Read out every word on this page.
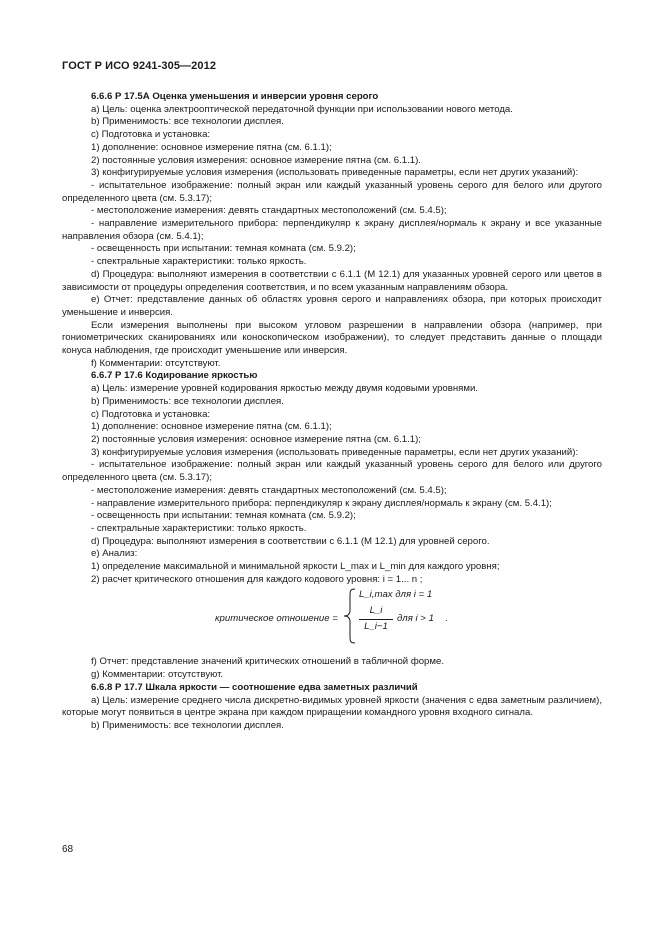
ГОСТ Р ИСО 9241-305—2012

6.6.6 Р 17.5А Оценка уменьшения и инверсии уровня серого

a) Цель: оценка электрооптической передаточной функции при использовании нового метода.

b) Применимость: все технологии дисплея.

c) Подготовка и установка:

1) дополнение: основное измерение пятна (см. 6.1.1);

2) постоянные условия измерения: основное измерение пятна (см. 6.1.1).

3) конфигурируемые условия измерения (использовать приведенные параметры, если нет других указаний):

- испытательное изображение: полный экран или каждый указанный уровень серого для белого или другого определенного цвета (см. 5.3.17);

- местоположение измерения: девять стандартных местоположений (см. 5.4.5);

- направление измерительного прибора: перпендикуляр к экрану дисплея/нормаль к экрану и все указанные направления обзора (см. 5.4.1);

- освещенность при испытании: темная комната (см. 5.9.2);

- спектральные характеристики: только яркость.

d) Процедура: выполняют измерения в соответствии с 6.1.1 (М 12.1) для указанных уровней серого или цветов в зависимости от процедуры определения соответствия, и по всем указанным направлениям обзора.

e) Отчет: представление данных об областях уровня серого и направлениях обзора, при которых происходит уменьшение и инверсия.

Если измерения выполнены при высоком угловом разрешении в направлении обзора (например, при гониометрических сканированиях или коноскопическом изображении), то следует представить данные о площади конуса наблюдения, где происходит уменьшение или инверсия.

f) Комментарии: отсутствуют.

6.6.7 Р 17.6 Кодирование яркостью

a) Цель: измерение уровней кодирования яркостью между двумя кодовыми уровнями.

b) Применимость: все технологии дисплея.

c) Подготовка и установка:

1) дополнение: основное измерение пятна (см. 6.1.1);

2) постоянные условия измерения: основное измерение пятна (см. 6.1.1);

3) конфигурируемые условия измерения (использовать приведенные параметры, если нет других указаний):

- испытательное изображение: полный экран или каждый указанный уровень серого для белого или другого определенного цвета (см. 5.3.17);

- местоположение измерения: девять стандартных местоположений (см. 5.4.5);

- направление измерительного прибора: перпендикуляр к экрану дисплея/нормаль к экрану (см. 5.4.1);

- освещенность при испытании: темная комната (см. 5.9.2);

- спектральные характеристики: только яркость.

d) Процедура: выполняют измерения в соответствии с 6.1.1 (М 12.1) для уровней серого.

e) Анализ:

1) определение максимальной и минимальной яркости L_max и L_min для каждого уровня;

2) расчет критического отношения для каждого кодового уровня: i = 1... n ;

критическое отношение =
L_i,max для i = 1
$\frac{L\_i}{L\_i-1}$ для i > 1 .

f) Отчет: представление значений критических отношений в табличной форме.

g) Комментарии: отсутствуют.

6.6.8 Р 17.7 Шкала яркости — соотношение едва заметных различий

a) Цель: измерение среднего числа дискретно-видимых уровней яркости (значения с едва заметным различием), которые могут появиться в центре экрана при каждом приращении командного уровня входного сигнала.

b) Применимость: все технологии дисплея.

68
